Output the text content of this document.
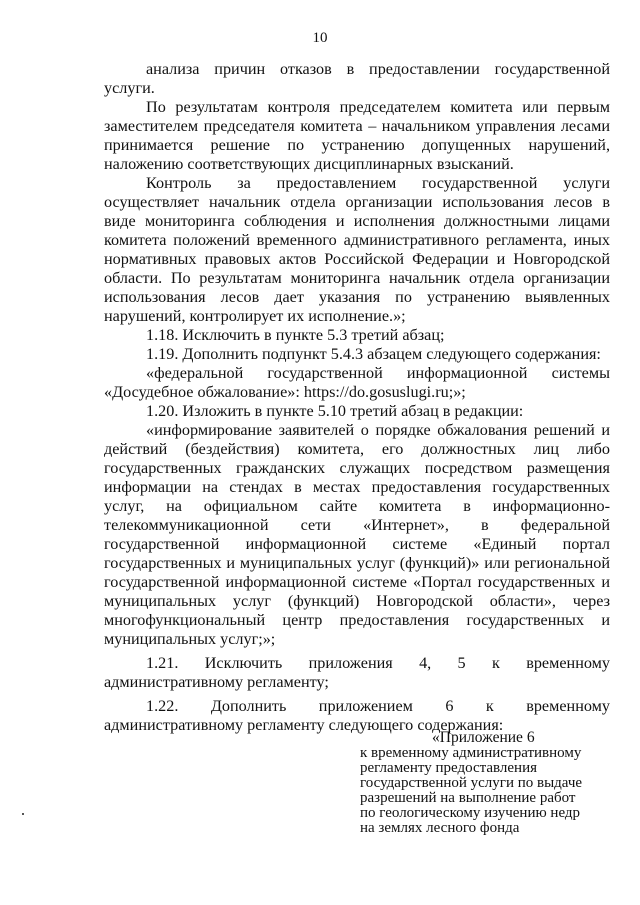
10

анализа причин отказов в предоставлении государственной услуги.

По результатам контроля председателем комитета или первым заместителем председателя комитета – начальником управления лесами принимается решение по устранению допущенных нарушений, наложению соответствующих дисциплинарных взысканий.

Контроль за предоставлением государственной услуги осуществляет начальник отдела организации использования лесов в виде мониторинга соблюдения и исполнения должностными лицами комитета положений временного административного регламента, иных нормативных правовых актов Российской Федерации и Новгородской области. По результатам мониторинга начальник отдела организации использования лесов дает указания по устранению выявленных нарушений, контролирует их исполнение.»;

1.18. Исключить в пункте 5.3 третий абзац;

1.19. Дополнить подпункт 5.4.3 абзацем следующего содержания:

«федеральной государственной информационной системы «Досудебное обжалование»: https://do.gosuslugi.ru;»;

1.20. Изложить в пункте 5.10 третий абзац в редакции:

«информирование заявителей о порядке обжалования решений и действий (бездействия) комитета, его должностных лиц либо государственных гражданских служащих посредством размещения информации на стендах в местах предоставления государственных услуг, на официальном сайте комитета в информационно-телекоммуникационной сети «Интернет», в федеральной государственной информационной системе «Единый портал государственных и муниципальных услуг (функций)» или региональной государственной информационной системе «Портал государственных и муниципальных услуг (функций) Новгородской области», через многофункциональный центр предоставления государственных и муниципальных услуг;»;

1.21. Исключить приложения 4, 5 к временному административному регламенту;

1.22. Дополнить приложением 6 к временному административному регламенту следующего содержания:

«Приложение 6
к временному административному регламенту предоставления государственной услуги по выдаче разрешений на выполнение работ по геологическому изучению недр на землях лесного фонда
